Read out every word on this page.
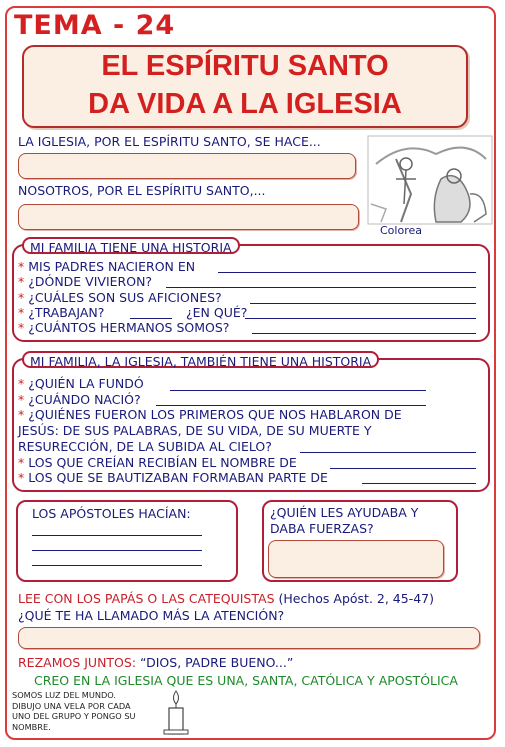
TEMA - 24
EL ESPÍRITU SANTO
DA VIDA A LA IGLESIA
LA IGLESIA, POR EL ESPÍRITU SANTO, SE HACE...
NOSOTROS, POR EL ESPÍRITU SANTO,...
Colorea
MI FAMILIA TIENE UNA HISTORIA
* MIS PADRES NACIERON EN
* ¿DÓNDE VIVIERON?
* ¿CUÁLES SON SUS AFICIONES?
* ¿TRABAJAN?	¿EN QUÉ?
* ¿CUÁNTOS HERMANOS SOMOS?
MI FAMILIA, LA IGLESIA, TAMBIÉN TIENE UNA HISTORIA
* ¿QUIÉN LA FUNDÓ
* ¿CUÁNDO NACIÓ?
* ¿QUIÉNES FUERON LOS PRIMEROS QUE NOS HABLARON DE
JESÚS: DE SUS PALABRAS, DE SU VIDA, DE SU MUERTE Y
RESURECCIÓN, DE LA SUBIDA AL CIELO?
* LOS QUE CREÍAN RECIBÍAN EL NOMBRE DE
* LOS QUE SE BAUTIZABAN FORMABAN PARTE DE
LOS APÓSTOLES HACÍAN:	¿QUIÉN LES AYUDABA Y
DABA FUERZAS?
LEE CON LOS PAPÁS O LAS CATEQUISTAS (Hechos Apóst. 2, 45-47)
¿QUÉ TE HA LLAMADO MÁS LA ATENCIÓN?
REZAMOS JUNTOS: “DIOS, PADRE BUENO...”
CREO EN LA IGLESIA QUE ES UNA, SANTA, CATÓLICA Y APOSTÓLICA
SOMOS LUZ DEL MUNDO.
DIBUJO UNA VELA POR CADA
UNO DEL GRUPO Y PONGO SU
NOMBRE.
